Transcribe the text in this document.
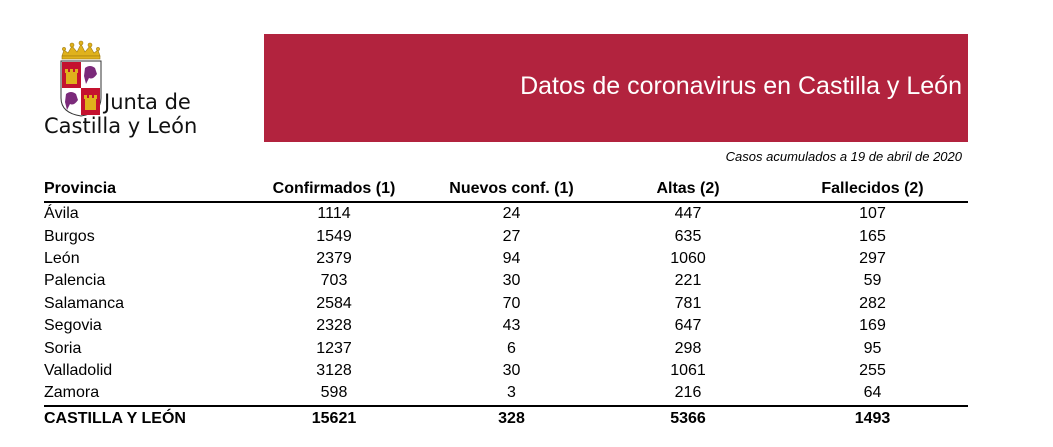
Junta de
Castilla y León
Datos de coronavirus en Castilla y León
Casos acumulados a 19 de abril de 2020
Provincia	Confirmados (1)	Nuevos conf. (1)	Altas (2)	Fallecidos (2)
Ávila	1114	24	447	107
Burgos	1549	27	635	165
León	2379	94	1060	297
Palencia	703	30	221	59
Salamanca	2584	70	781	282
Segovia	2328	43	647	169
Soria	1237	6	298	95
Valladolid	3128	30	1061	255
Zamora	598	3	216	64
CASTILLA Y LEÓN	15621	328	5366	1493
